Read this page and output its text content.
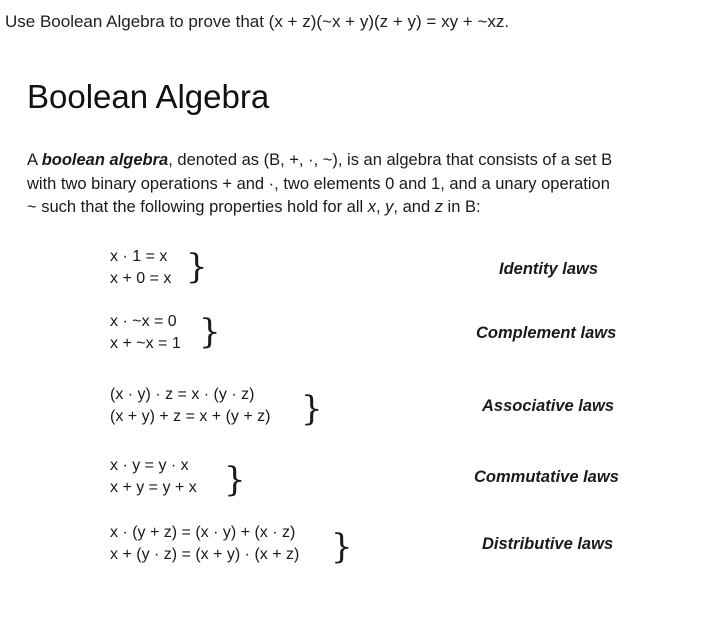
Use Boolean Algebra to prove that (x + z)(~x + y)(z + y) = xy + ~xz.
Boolean Algebra
A boolean algebra, denoted as (B, +, ·, ~), is an algebra that consists of a set B
with two binary operations + and ·, two elements 0 and 1, and a unary operation
~ such that the following properties hold for all x, y, and z in B:
x · 1 = x
x + 0 = x }	Identity laws
x · ~x = 0
x + ~x = 1 }	Complement laws
(x · y) · z = x · (y · z)
(x + y) + z = x + (y + z) }	Associative laws
x · y = y · x
x + y = y + x }	Commutative laws
x · (y + z) = (x · y) + (x · z)
x + (y · z) = (x + y) · (x + z) }	Distributive laws
